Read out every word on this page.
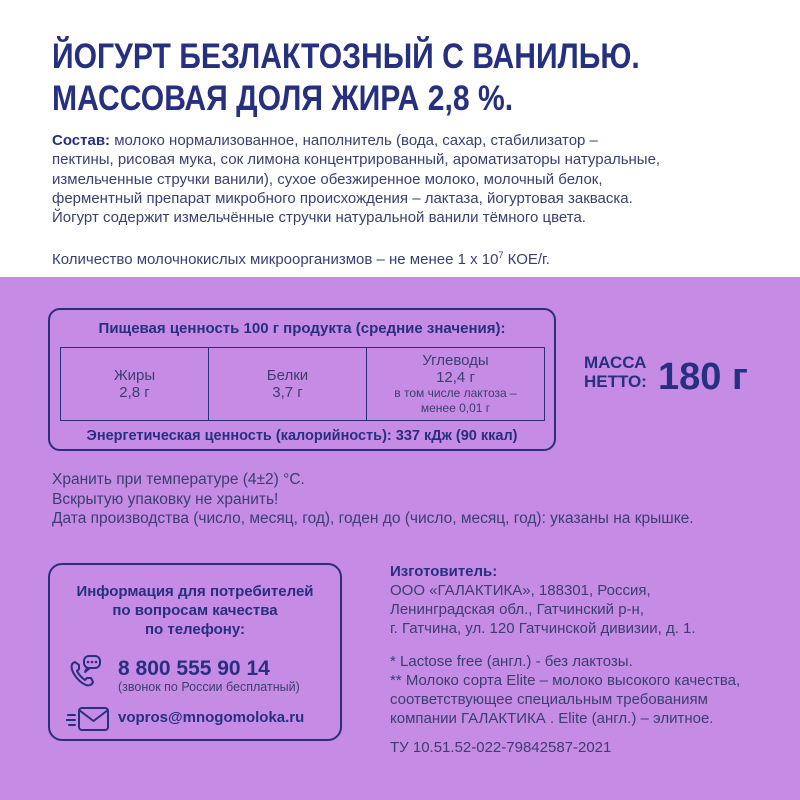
ЙОГУРТ БЕЗЛАКТОЗНЫЙ С ВАНИЛЬЮ.
МАССОВАЯ ДОЛЯ ЖИРА 2,8 %.
Состав: молоко нормализованное, наполнитель (вода, сахар, стабилизатор –
пектины, рисовая мука, сок лимона концентрированный, ароматизаторы натуральные,
измельченные стручки ванили), сухое обезжиренное молоко, молочный белок,
ферментный препарат микробного происхождения – лактаза, йогуртовая закваска.
Йогурт содержит измельчённые стручки натуральной ванили тёмного цвета.
Количество молочнокислых микроорганизмов – не менее 1 х $10^7$ КОЕ/г.
Пищевая ценность 100 г продукта (средние значения):
Жиры
2,8 г
Белки
3,7 г
Углеводы
12,4 г
в том числе лактоза –
менее 0,01 г
Энергетическая ценность (калорийность): 337 кДж (90 ккал)
МАССА
НЕТТО: 180 г
Хранить при температуре (4±2) °С.
Вскрытую упаковку не хранить!
Дата производства (число, месяц, год), годен до (число, месяц, год): указаны на крышке.
Информация для потребителей
по вопросам качества
по телефону:
8 800 555 90 14
(звонок по России бесплатный)
vopros@mnogomoloka.ru
Изготовитель:
ООО «ГАЛАКТИКА», 188301, Россия,
Ленинградская обл., Гатчинский р-н,
г. Гатчина, ул. 120 Гатчинской дивизии, д. 1.
* Lactose free (англ.) - без лактозы.
** Молоко сорта Elite – молоко высокого качества,
соответствующее специальным требованиям
компании ГАЛАКТИКА . Elite (англ.) – элитное.
ТУ 10.51.52-022-79842587-2021
